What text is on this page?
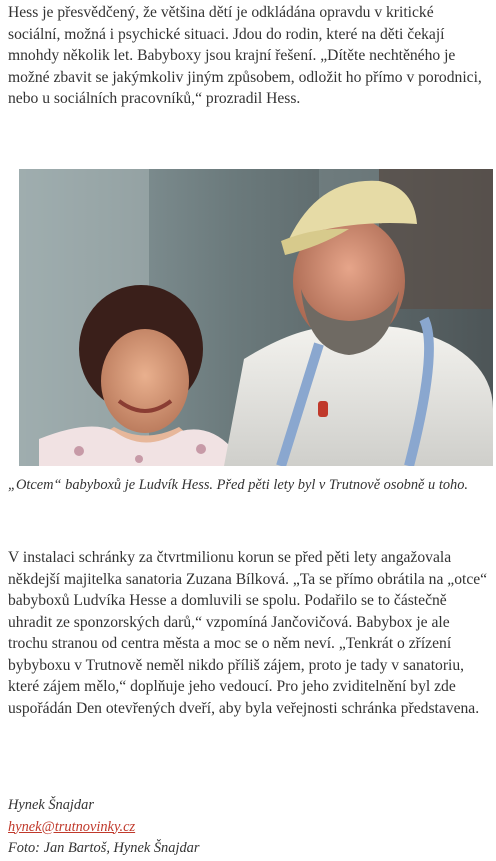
Hess je přesvědčený, že většina dětí je odkládána opravdu v kritické sociální, možná i psychické situaci. Jdou do rodin, které na děti čekají mnohdy několik let. Babyboxy jsou krajní řešení. „Dítěte nechtěného je možné zbavit se jakýmkoliv jiným způsobem, odložit ho přímo v porodnici, nebo u sociálních pracovníků,“ prozradil Hess.

„Otcem“ babyboxů je Ludvík Hess. Před pěti lety byl v Trutnově osobně u toho.

V instalaci schránky za čtvrtmilionu korun se před pěti lety angažovala někdejší majitelka sanatoria Zuzana Bílková. „Ta se přímo obrátila na „otce“ babyboxů Ludvíka Hesse a domluvili se spolu. Podařilo se to částečně uhradit ze sponzorských darů,“ vzpomíná Jančovičová. Babybox je ale trochu stranou od centra města a moc se o něm neví. „Tenkrát o zřízení bybyboxu v Trutnově neměl nikdo příliš zájem, proto je tady v sanatoriu, které zájem mělo,“ doplňuje jeho vedoucí. Pro jeho zviditelnění byl zde uspořádán Den otevřených dveří, aby byla veřejnosti schránka představena.

Hynek Šnajdar
hynek@trutnovinky.cz
Foto: Jan Bartoš, Hynek Šnajdar
